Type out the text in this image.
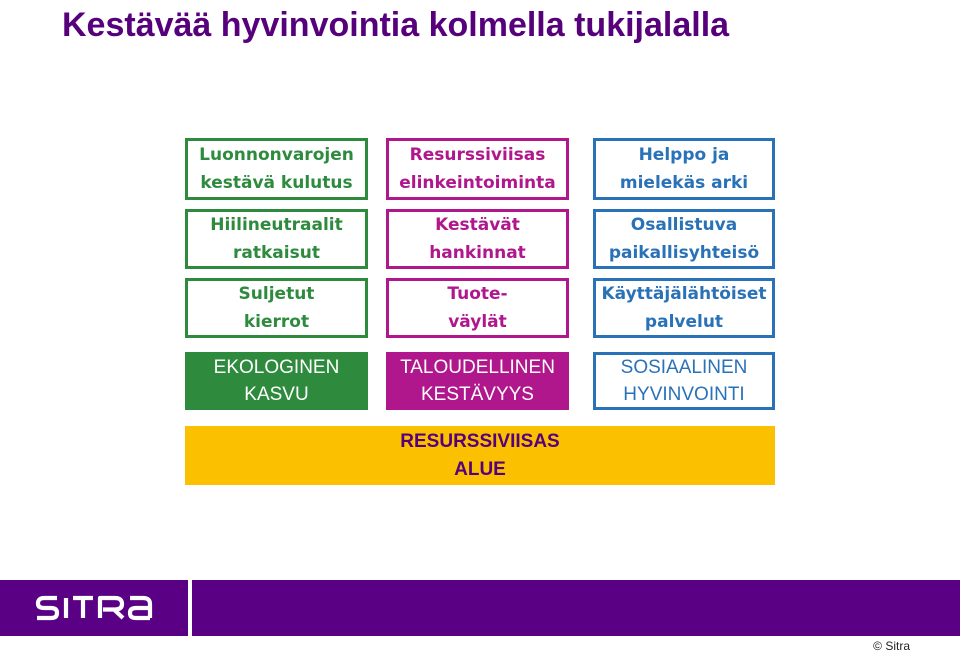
Kestävää hyvinvointia kolmella tukijalalla
Luonnonvarojen
kestävä kulutus
Hiilineutraalit
ratkaisut
Suljetut
kierrot
EKOLOGINEN
KASVU
Resurssiviisas
elinkeintoiminta
Kestävät
hankinnat
Tuote-
väylät
TALOUDELLINEN
KESTÄVYYS
Helppo ja
mielekäs arki
Osallistuva
paikallisyhteisö
Käyttäjälähtöiset
palvelut
SOSIAALINEN
HYVINVOINTI
RESURSSIVIISAS
ALUE
© Sitra
